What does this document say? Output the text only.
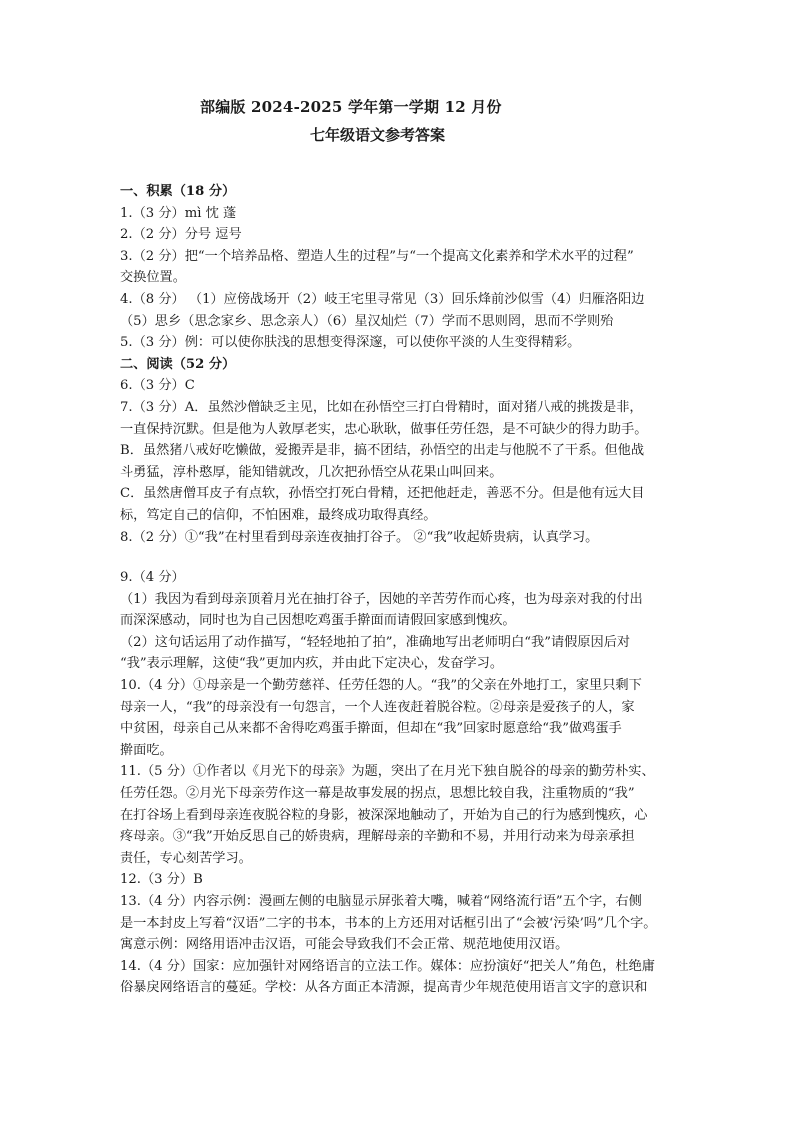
部编版 2024-2025 学年第一学期 12 月份
七年级语文参考答案
一、积累（18 分）
1.（3 分）mì 忱 蓬
2.（2 分）分号 逗号
3.（2 分）把“一个培养品格、塑造人生的过程”与“一个提高文化素养和学术水平的过程”
交换位置。
4.（8 分） （1）应傍战场开（2）岐王宅里寻常见（3）回乐烽前沙似雪（4）归雁洛阳边
（5）思乡（思念家乡、思念亲人）（6）星汉灿烂（7）学而不思则罔，思而不学则殆
5.（3 分）例：可以使你肤浅的思想变得深邃，可以使你平淡的人生变得精彩。
二、阅读（52 分）
6.（3 分）C
7.（3 分）A．虽然沙僧缺乏主见，比如在孙悟空三打白骨精时，面对猪八戒的挑拨是非，
一直保持沉默。但是他为人敦厚老实，忠心耿耿，做事任劳任怨，是不可缺少的得力助手。
B．虽然猪八戒好吃懒做，爱搬弄是非，搞不团结，孙悟空的出走与他脱不了干系。但他战
斗勇猛，淳朴憨厚，能知错就改，几次把孙悟空从花果山叫回来。
C．虽然唐僧耳皮子有点软，孙悟空打死白骨精，还把他赶走，善恶不分。但是他有远大目
标，笃定自己的信仰，不怕困难，最终成功取得真经。
8.（2 分）①“我”在村里看到母亲连夜抽打谷子。 ②“我”收起娇贵病，认真学习。
9.（4 分）
（1）我因为看到母亲顶着月光在抽打谷子，因她的辛苦劳作而心疼，也为母亲对我的付出
而深深感动，同时也为自己因想吃鸡蛋手擀面而请假回家感到愧疚。
（2）这句话运用了动作描写，“轻轻地拍了拍”，准确地写出老师明白“我”请假原因后对
“我”表示理解，这使“我”更加内疚，并由此下定决心，发奋学习。
10.（4 分）①母亲是一个勤劳慈祥、任劳任怨的人。“我”的父亲在外地打工，家里只剩下
母亲一人，“我”的母亲没有一句怨言，一个人连夜赶着脱谷粒。②母亲是爱孩子的人，家
中贫困，母亲自己从来都不舍得吃鸡蛋手擀面，但却在“我”回家时愿意给“我”做鸡蛋手
擀面吃。
11.（5 分）①作者以《月光下的母亲》为题，突出了在月光下独自脱谷的母亲的勤劳朴实、
任劳任怨。②月光下母亲劳作这一幕是故事发展的拐点，思想比较自我，注重物质的“我”
在打谷场上看到母亲连夜脱谷粒的身影，被深深地触动了，开始为自己的行为感到愧疚，心
疼母亲。③“我”开始反思自己的娇贵病，理解母亲的辛勤和不易，并用行动来为母亲承担
责任，专心刻苦学习。
12.（3 分）B
13.（4 分）内容示例：漫画左侧的电脑显示屏张着大嘴，喊着“网络流行语”五个字，右侧
是一本封皮上写着“汉语”二字的书本，书本的上方还用对话框引出了“会被‘污染’吗”几个字。
寓意示例：网络用语冲击汉语，可能会导致我们不会正常、规范地使用汉语。
14.（4 分）国家：应加强针对网络语言的立法工作。媒体：应扮演好“把关人”角色，杜绝庸
俗暴戾网络语言的蔓延。学校：从各方面正本清源，提高青少年规范使用语言文字的意识和
